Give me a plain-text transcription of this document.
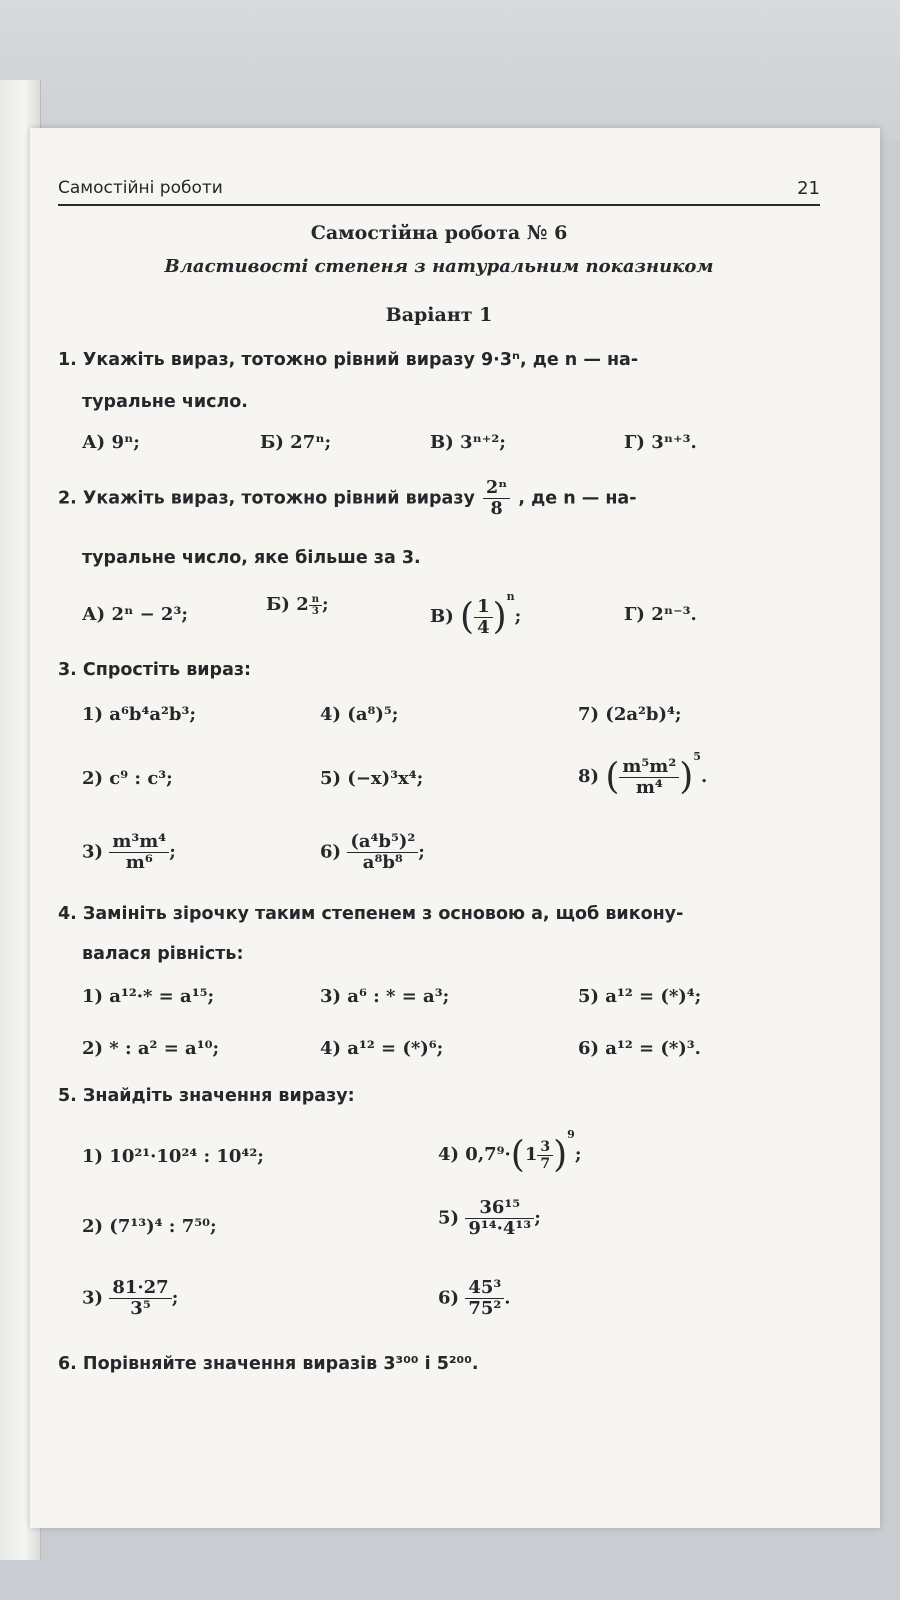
Самостійні роботи	21
Самостійна робота № 6
Властивості степеня з натуральним показником
Варіант 1
1. Укажіть вираз, тотожно рівний виразу 9·3ⁿ, де n — на-
туральне число.
А) 9ⁿ;	Б) 27ⁿ;	В) 3ⁿ⁺²;	Г) 3ⁿ⁺³.
2. Укажіть вираз, тотожно рівний виразу $\frac{\text{2ⁿ}}{8}$ , де n — на-
туральне число, яке більше за 3.
А) 2ⁿ − 2³;	Б) $2 \frac{n}{3}$ ;
В) ( $\frac{1}{4} )^n$;	Г) 2ⁿ⁻³.
3. Спростіть вираз:
1) a⁶b⁴a²b³;	4) (a⁸)⁵;	7) (2a²b)⁴;
2) c⁹ : c³;	5) (−x)³x⁴;	8) ( $\frac{\text{m⁵m²}}{\text{m⁴}} )^5$.
$3) \frac{\text{m³m⁴}}{\text{m⁶}}$ ;	$6) \frac{\text{(a⁴b⁵)²}}{\text{a⁸b⁸}}$ ;
4. Замініть зірочку таким степенем з основою a, щоб викону-
валася рівність:
1) a¹²·* = a¹⁵;	3) a⁶ : * = a³;	5) a¹² = (*)⁴;
2) * : a² = a¹⁰;	4) a¹² = (*)⁶;	6) a¹² = (*)³.
5. Знайдіть значення виразу:
1) 10²¹·10²⁴ : 10⁴²;	4) $0,7^9\cdot(1 \frac{3}{7} )^9$;
2) (7¹³)⁴ : 7⁵⁰;	$5) \frac{\text{36¹⁵}}{\text{9¹⁴·4¹³}}$ ;
$3) \frac{81\cdot 27}{\text{3⁵}}$ ;	$6) \frac{\text{45³}}{\text{75²}}$ .
6. Порівняйте значення виразів 3³⁰⁰ і 5²⁰⁰.
